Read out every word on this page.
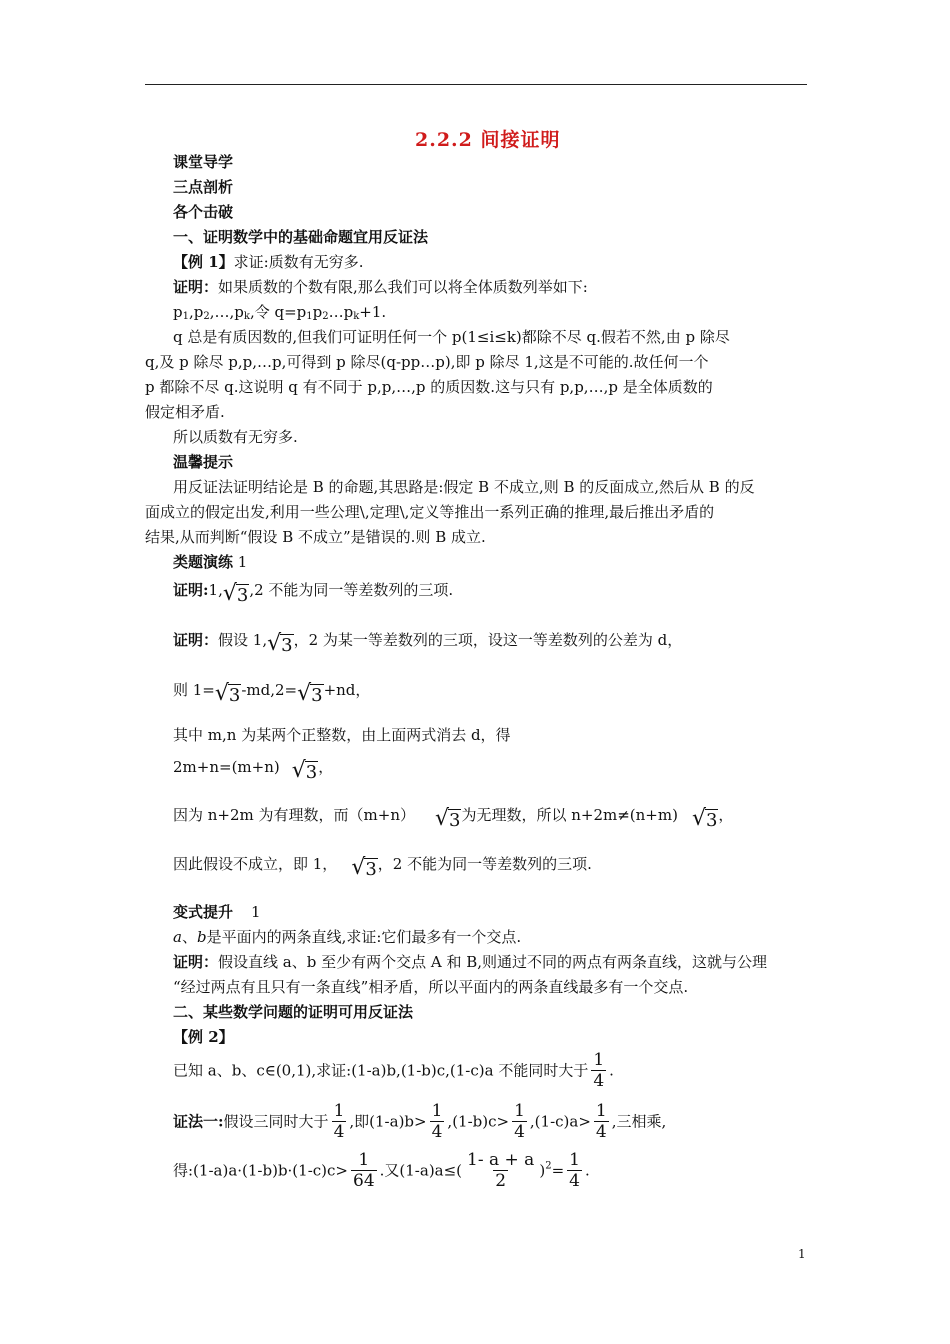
2.2.2 间接证明
课堂导学
三点剖析
各个击破
一、证明数学中的基础命题宜用反证法
【例 1】求证:质数有无穷多.
证明：如果质数的个数有限,那么我们可以将全体质数列举如下:
$p_1,p_2,\dots,p_k$,令 $q=p_1p_2\dots p_k+1$.
q 总是有质因数的,但我们可证明任何一个 p(1≤i≤k)都除不尽 q.假若不然,由 p 除尽
q,及 p 除尽 p,p,…p,可得到 p 除尽(q-pp…p),即 p 除尽 1,这是不可能的.故任何一个
p 都除不尽 q.这说明 q 有不同于 p,p,…,p 的质因数.这与只有 p,p,…,p 是全体质数的
假定相矛盾.
所以质数有无穷多.
温馨提示
用反证法证明结论是 B 的命题,其思路是:假定 B 不成立,则 B 的反面成立,然后从 B 的反
面成立的假定出发,利用一些公理\,定理\,定义等推出一系列正确的推理,最后推出矛盾的
结果,从而判断“假设 B 不成立”是错误的.则 B 成立.
类题演练 1
证明:1, √ 3,2 不能为同一等差数列的三项.
证明：假设 1, √ 3，2 为某一等差数列的三项，设这一等差数列的公差为 d，
则 1= √ 3-md,2= √ 3+nd，
其中 m,n 为某两个正整数，由上面两式消去 d，得
2m+n=(m+n) √ 3，
因为 n+2m 为有理数，而（m+n） √ 3为无理数，所以 n+2m≠(n+m) √ 3，
因此假设不成立，即 1， √ 3，2 不能为同一等差数列的三项.
变式提升 1
a、b是平面内的两条直线,求证:它们最多有一个交点.
证明：假设直线 a、b 至少有两个交点 A 和 B,则通过不同的两点有两条直线，这就与公理
“经过两点有且只有一条直线”相矛盾，所以平面内的两条直线最多有一个交点.
二、某些数学问题的证明可用反证法
【例 2】
已知 a、b、c∈(0,1),求证:(1-a)b,(1-b)c,(1-c)a 不能同时大于 $\frac{1}{4}$ .
证法一:假设三同时大于 $\frac{1}{4}$ ,即$(1-a)b> \frac{1}{4} ,(1-b)c> \frac{1}{4} ,(1-c)a> \frac{1}{4}$ ,三相乘,
得:(1-a)a·(1-b)b·(1-c)c> $\frac{1}{64}$ .又$(1-a)a\le( \frac{1- a + a}{2} )^2= \frac{1}{4}$ .
1
